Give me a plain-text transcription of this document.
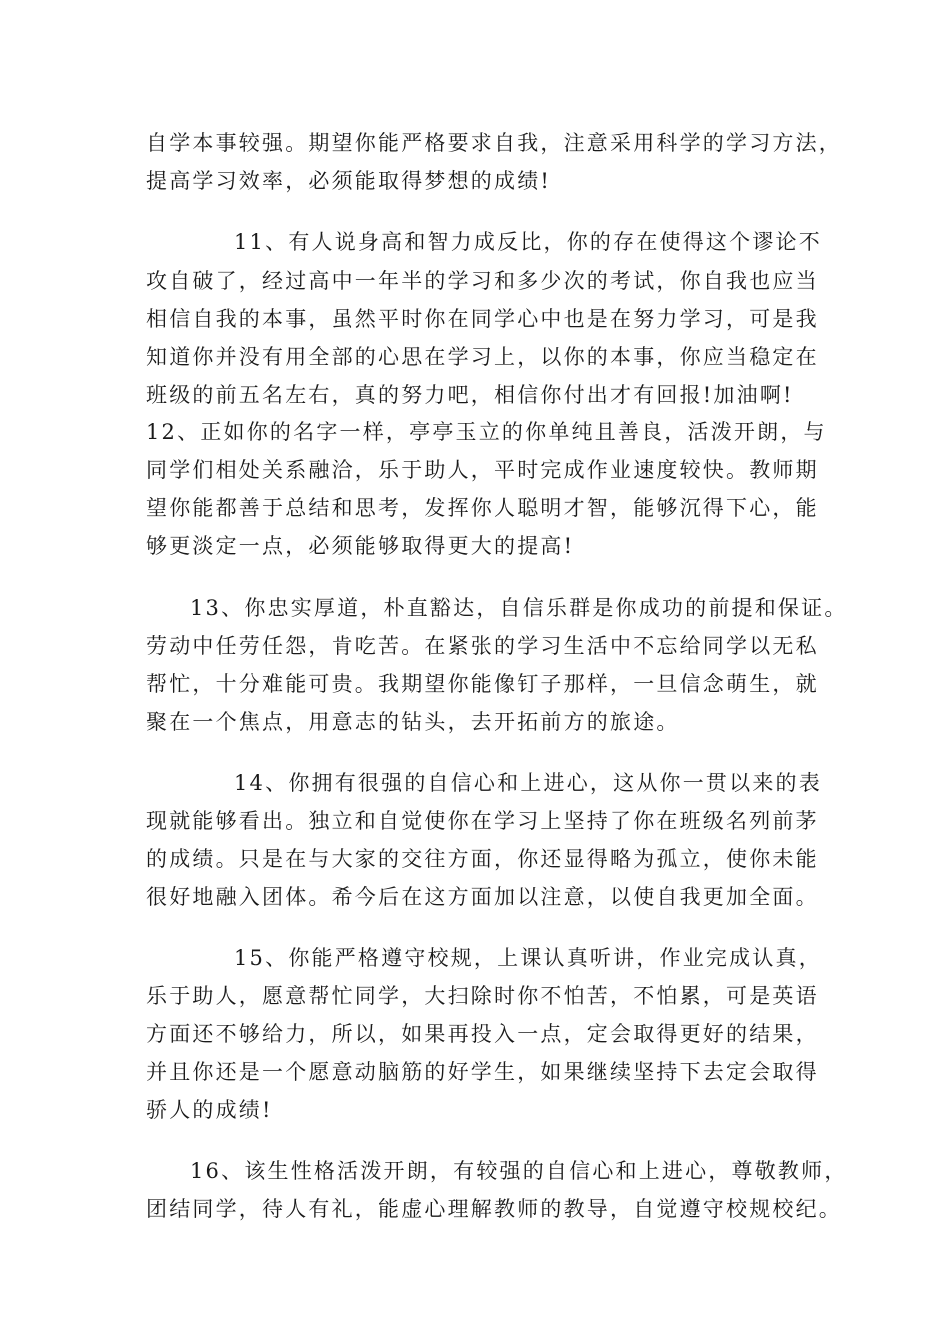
自学本事较强。期望你能严格要求自我，注意采用科学的学习方法，
提高学习效率，必须能取得梦想的成绩!
11、有人说身高和智力成反比，你的存在使得这个谬论不
攻自破了，经过高中一年半的学习和多少次的考试，你自我也应当
相信自我的本事，虽然平时你在同学心中也是在努力学习，可是我
知道你并没有用全部的心思在学习上，以你的本事，你应当稳定在
班级的前五名左右，真的努力吧，相信你付出才有回报!加油啊!
12、正如你的名字一样，亭亭玉立的你单纯且善良，活泼开朗，与
同学们相处关系融洽，乐于助人，平时完成作业速度较快。教师期
望你能都善于总结和思考，发挥你人聪明才智，能够沉得下心，能
够更淡定一点，必须能够取得更大的提高!
13、你忠实厚道，朴直豁达，自信乐群是你成功的前提和保证。
劳动中任劳任怨，肯吃苦。在紧张的学习生活中不忘给同学以无私
帮忙，十分难能可贵。我期望你能像钉子那样，一旦信念萌生，就
聚在一个焦点，用意志的钻头，去开拓前方的旅途。
14、你拥有很强的自信心和上进心，这从你一贯以来的表
现就能够看出。独立和自觉使你在学习上坚持了你在班级名列前茅
的成绩。只是在与大家的交往方面，你还显得略为孤立，使你未能
很好地融入团体。希今后在这方面加以注意，以使自我更加全面。
15、你能严格遵守校规，上课认真听讲，作业完成认真，
乐于助人，愿意帮忙同学，大扫除时你不怕苦，不怕累，可是英语
方面还不够给力，所以，如果再投入一点，定会取得更好的结果，
并且你还是一个愿意动脑筋的好学生，如果继续坚持下去定会取得
骄人的成绩!
16、该生性格活泼开朗，有较强的自信心和上进心，尊敬教师，
团结同学，待人有礼，能虚心理解教师的教导，自觉遵守校规校纪。
